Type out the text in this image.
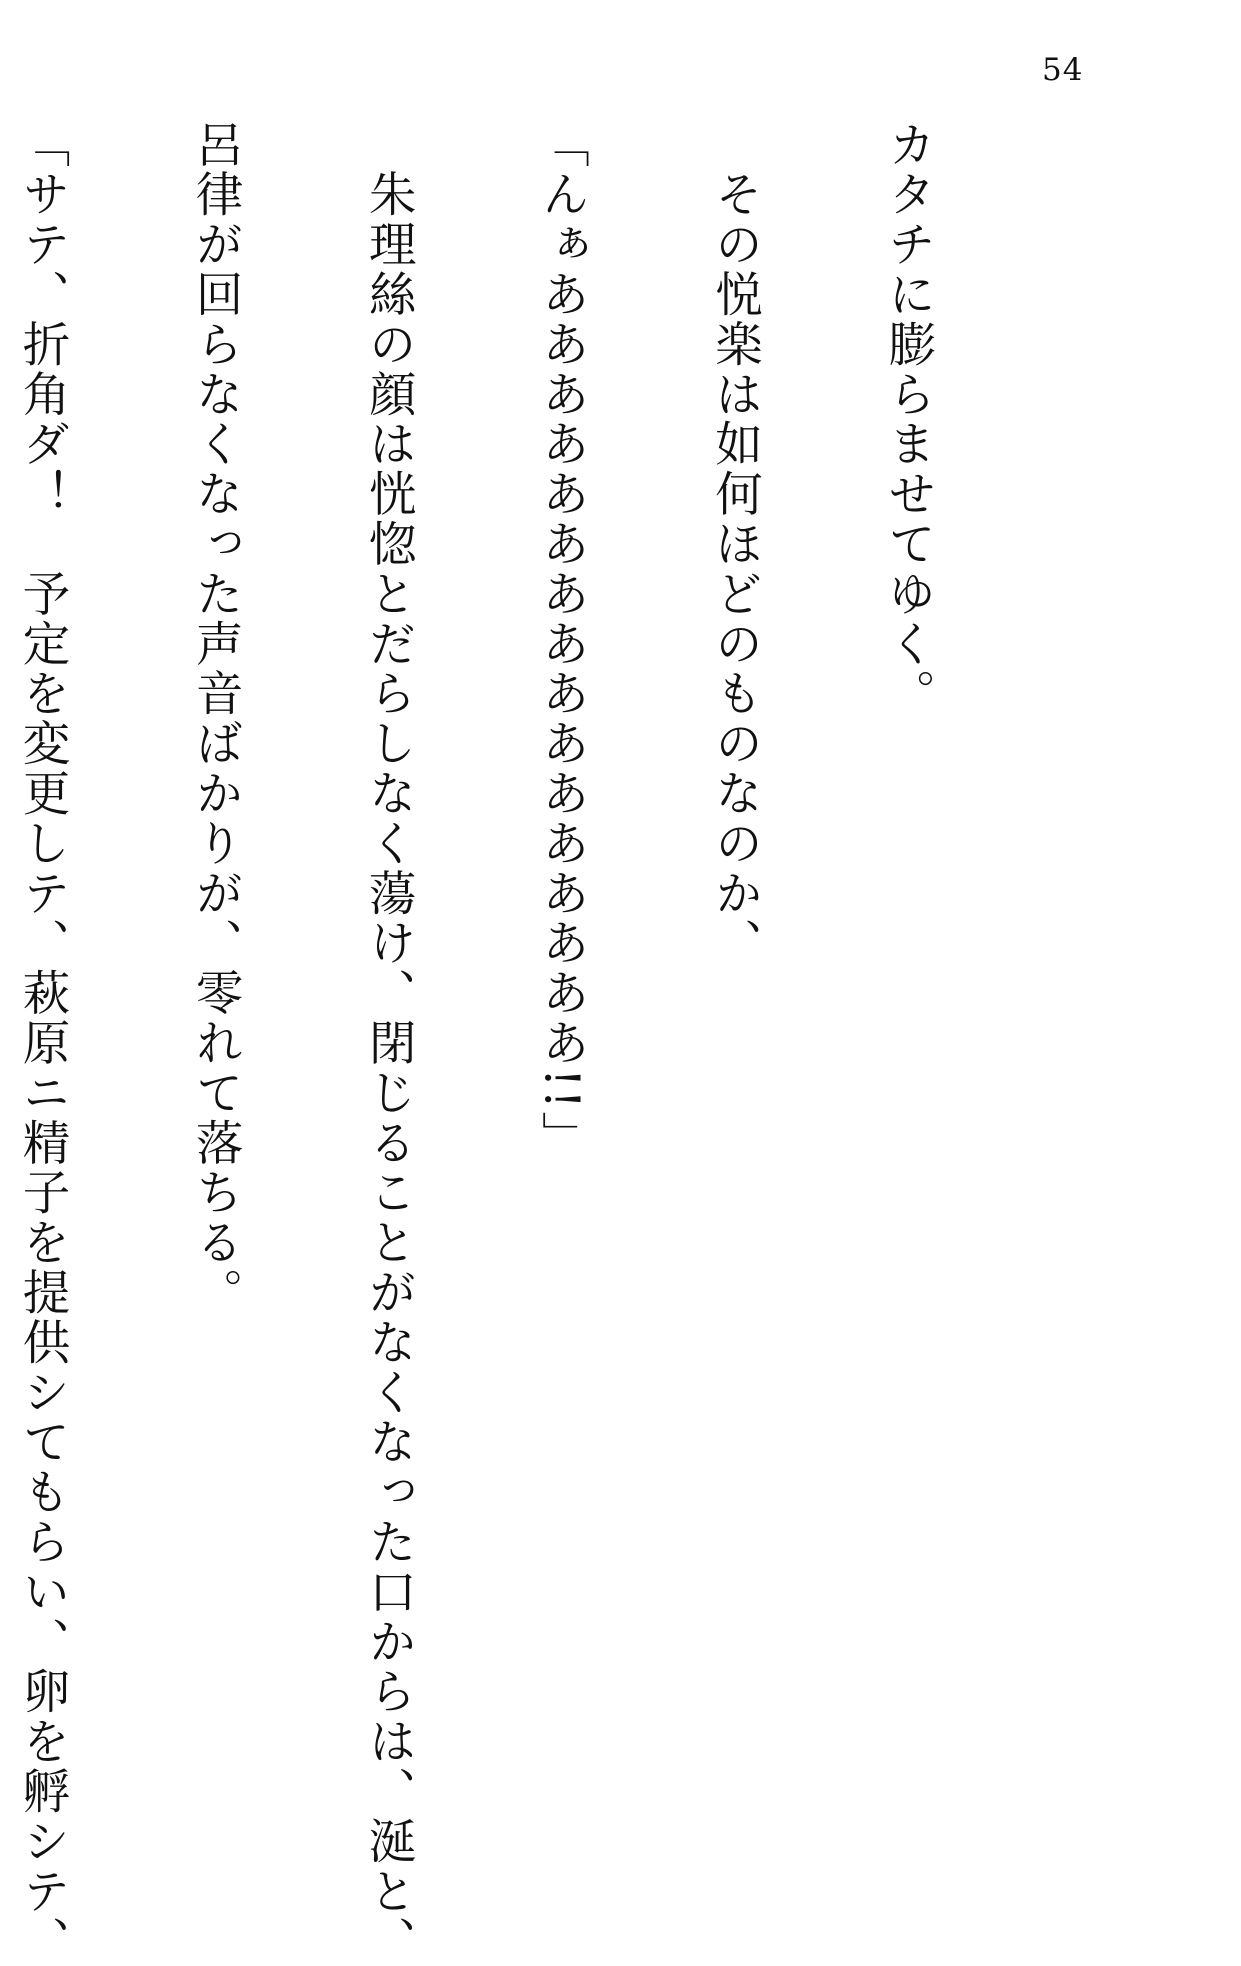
54

カタチに膨らませてゆく。

　その悦楽は如何ほどのものなのか、

「んぁああああああああああああああああ!!」

　朱理絲の顔は恍惚とだらしなく蕩け、閉じることがなくなった口からは、涎と、

呂律が回らなくなった声音ばかりが、零れて落ちる。

「サテ、折角ダ！　予定を変更しテ、萩原ニ精子を提供シてもらい、卵を孵シテ、
